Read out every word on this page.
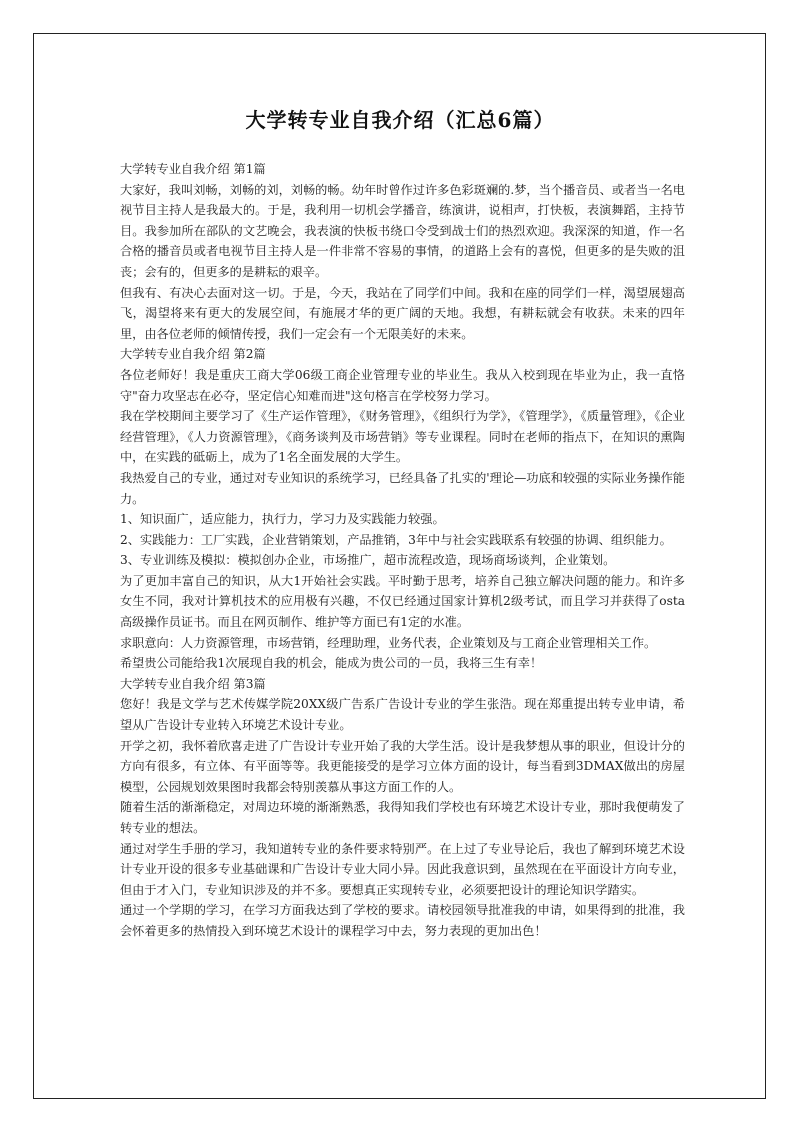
大学转专业自我介绍（汇总6篇）

大学转专业自我介绍 第1篇

大家好，我叫刘畅，刘畅的刘，刘畅的畅。幼年时曾作过许多色彩斑斓的.梦，当个播音员、或者当一名电视节目主持人是我最大的。于是，我利用一切机会学播音，练演讲，说相声，打快板，表演舞蹈，主持节目。我参加所在部队的文艺晚会，我表演的快板书绕口令受到战士们的热烈欢迎。我深深的知道，作一名合格的播音员或者电视节目主持人是一件非常不容易的事情，的道路上会有的喜悦，但更多的是失败的沮丧；会有的，但更多的是耕耘的艰辛。

但我有、有决心去面对这一切。于是，今天，我站在了同学们中间。我和在座的同学们一样，渴望展翅高飞，渴望将来有更大的发展空间，有施展才华的更广阔的天地。我想，有耕耘就会有收获。未来的四年里，由各位老师的倾情传授，我们一定会有一个无限美好的未来。

大学转专业自我介绍 第2篇

各位老师好！我是重庆工商大学06级工商企业管理专业的毕业生。我从入校到现在毕业为止，我一直恪守"奋力攻坚志在必夺，坚定信心知难而进"这句格言在学校努力学习。

我在学校期间主要学习了《生产运作管理》，《财务管理》，《组织行为学》，《管理学》，《质量管理》，《企业经营管理》，《人力资源管理》，《商务谈判及市场营销》等专业课程。同时在老师的指点下，在知识的熏陶中，在实践的砥砺上，成为了1名全面发展的大学生。

我热爱自己的专业，通过对专业知识的系统学习，已经具备了扎实的'理论—功底和较强的实际业务操作能力。

1、知识面广，适应能力，执行力，学习力及实践能力较强。

2、实践能力：工厂实践，企业营销策划，产品推销，3年中与社会实践联系有较强的协调、组织能力。

3、专业训练及模拟：模拟创办企业，市场推广，超市流程改造，现场商场谈判，企业策划。

为了更加丰富自己的知识，从大1开始社会实践。平时勤于思考，培养自己独立解决问题的能力。和许多女生不同，我对计算机技术的应用极有兴趣，不仅已经通过国家计算机2级考试，而且学习并获得了osta高级操作员证书。而且在网页制作、维护等方面已有1定的水准。

求职意向：人力资源管理，市场营销，经理助理，业务代表，企业策划及与工商企业管理相关工作。

希望贵公司能给我1次展现自我的机会，能成为贵公司的一员，我将三生有幸！

大学转专业自我介绍 第3篇

您好！我是文学与艺术传媒学院20XX级广告系广告设计专业的学生张浩。现在郑重提出转专业申请，希望从广告设计专业转入环境艺术设计专业。

开学之初，我怀着欣喜走进了广告设计专业开始了我的大学生活。设计是我梦想从事的职业，但设计分的方向有很多，有立体、有平面等等。我更能接受的是学习立体方面的设计，每当看到3DMAX做出的房屋模型，公园规划效果图时我都会特别羡慕从事这方面工作的人。

随着生活的渐渐稳定，对周边环境的渐渐熟悉，我得知我们学校也有环境艺术设计专业，那时我便萌发了转专业的想法。

通过对学生手册的学习，我知道转专业的条件要求特别严。在上过了专业导论后，我也了解到环境艺术设计专业开设的很多专业基础课和广告设计专业大同小异。因此我意识到，虽然现在在平面设计方向专业，但由于才入门，专业知识涉及的并不多。要想真正实现转专业，必须要把设计的理论知识学踏实。

通过一个学期的学习，在学习方面我达到了学校的要求。请校园领导批准我的申请，如果得到的批准，我会怀着更多的热情投入到环境艺术设计的课程学习中去，努力表现的更加出色！
